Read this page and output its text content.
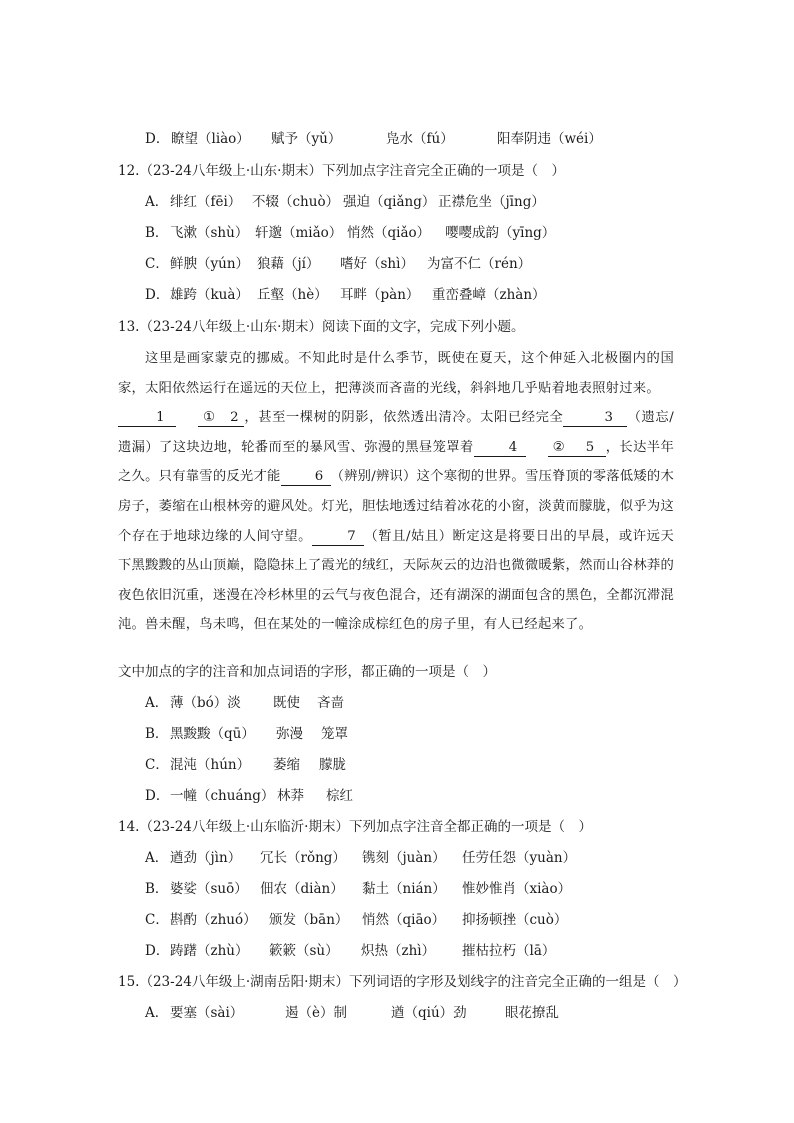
D． 瞭望（liào） 赋予（yǔ）	凫水（fú）	阳奉阴违（wéi）
12.（23-24八年级上·山东·期末）下列加点字注音完全正确的一项是（　）
A． 绯红（fēi） 不辍（chuò） 强迫（qiǎng） 正襟危坐（jīng）
B． 飞漱（shù） 轩邈（miǎo） 悄然（qiǎo） 嘤嘤成韵（yīng）
C． 鲜腴（yún） 狼藉（jí） 嗜好（shì） 为富不仁（rén）
D． 雄跨（kuà） 丘壑（hè） 耳畔（pàn） 重峦叠嶂（zhàn）
13.（23-24八年级上·山东·期末）阅读下面的文字，完成下列小题。

这里是画家蒙克的挪威。不知此时是什么季节，既使在夏天，这个伸延入北极圈内的国家，太阳依然运行在遥远的天位上，把薄淡而吝啬的光线，斜斜地几乎贴着地表照射过来。
1	① 2 ，甚至一棵树的阴影，依然透出清冷。太阳已经完全	3 （遗忘/遗漏）了这块边地，轮番而至的暴风雪、弥漫的黑昼笼罩着	4	② 5 ，长达半年之久。只有靠雪的反光才能	6 （辨别/辨识）这个寒彻的世界。雪压脊顶的零落低矮的木房子，萎缩在山根林旁的避风处。灯光，胆怯地透过结着冰花的小窗，淡黄而朦胧，似乎为这个存在于地球边缘的人间守望。	7 （暂且/姑且）断定这是将要日出的早晨，或许远天下黑黢黢的丛山顶巅，隐隐抹上了霞光的绒红，天际灰云的边沿也微微暖紫，然而山谷林莽的夜色依旧沉重，迷漫在冷杉林里的云气与夜色混合，还有湖深的湖面包含的黑色，全都沉滞混沌。兽未醒，鸟未鸣，但在某处的一幢涂成棕红色的房子里，有人已经起来了。

文中加点的字的注音和加点词语的字形，都正确的一项是（　）
A． 薄（bó）淡 既使 吝啬
B． 黑黢黢（qū） 弥漫 笼罩
C． 混沌（hún） 萎缩 朦胧
D． 一幢（chuáng） 林莽 棕红
14.（23-24八年级上·山东临沂·期末）下列加点字注音全都正确的一项是（　）
A． 遒劲（jìn） 冗长（rǒng） 镌刻（juàn） 任劳任怨（yuàn）
B． 婆娑（suō） 佃农（diàn） 黏土（nián） 惟妙惟肖（xiào）
C． 斟酌（zhuó） 颁发（bān） 悄然（qiāo） 抑扬顿挫（cuò）
D． 踌躇（zhù） 簌簌（sù） 炽热（zhì） 摧枯拉朽（lā）
15.（23-24八年级上·湖南岳阳·期末）下列词语的字形及划线字的注音完全正确的一组是（　）
A． 要塞（sài）	遏（è）制	遒（qiú）劲	眼花撩乱
